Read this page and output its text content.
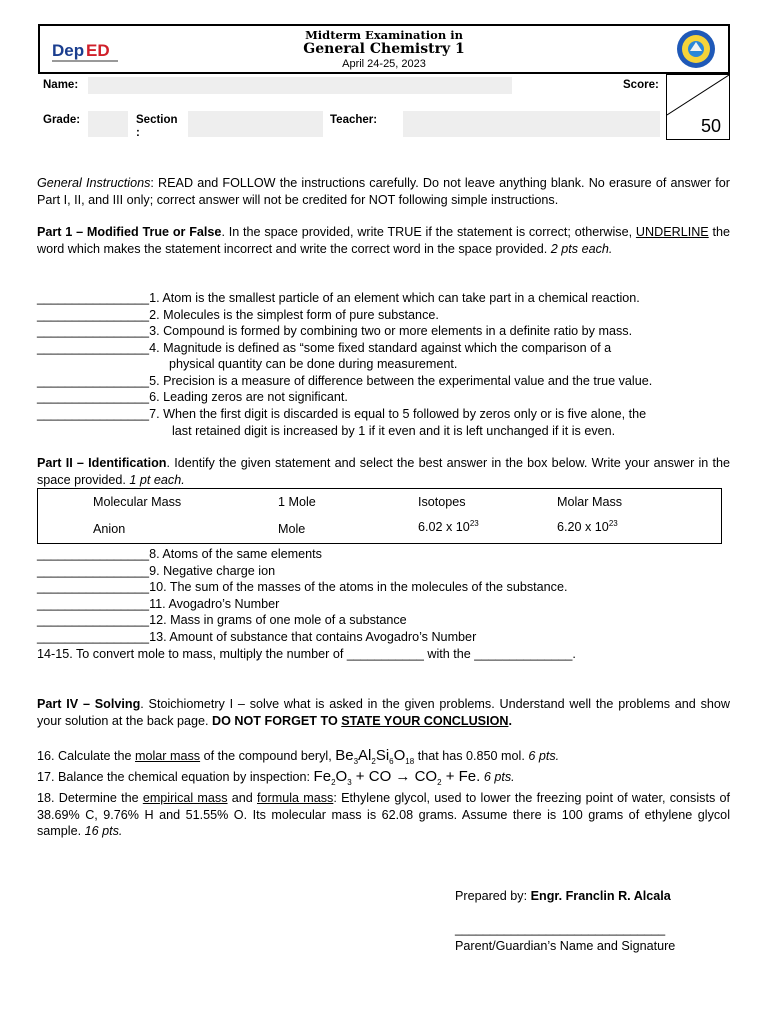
Dep ED
Midterm Examination in
General Chemistry 1
April 24-25, 2023
Name:	Score:
50
Grade:	Section :
Teacher:
General Instructions: READ and FOLLOW the instructions carefully. Do not leave anything blank. No erasure of answer for Part I, II, and III only; correct answer will not be credited for NOT following simple instructions.
Part 1 – Modified True or False. In the space provided, write TRUE if the statement is correct; otherwise, UNDERLINE the word which makes the statement incorrect and write the correct word in the space provided. 2 pts each.
________________1. Atom is the smallest particle of an element which can take part in a chemical reaction.
________________2. Molecules is the simplest form of pure substance.
________________3. Compound is formed by combining two or more elements in a definite ratio by mass.
________________4. Magnitude is defined as “some fixed standard against which the comparison of a
physical quantity can be done during measurement.
________________5. Precision is a measure of difference between the experimental value and the true value.
________________6. Leading zeros are not significant.
________________7. When the first digit is discarded is equal to 5 followed by zeros only or is five alone, the
last retained digit is increased by 1 if it even and it is left unchanged if it is even.
Part II – Identification. Identify the given statement and select the best answer in the box below. Write your answer in the space provided. 1 pt each.
Molecular Mass	1 Mole	Isotopes	Molar Mass
Anion	Mole	6.02 x $10^{23}$	6.20 x $10^{23}$
________________8. Atoms of the same elements
________________9. Negative charge ion
________________10. The sum of the masses of the atoms in the molecules of the substance.
________________11. Avogadro’s Number
________________12. Mass in grams of one mole of a substance
________________13. Amount of substance that contains Avogadro’s Number
14-15. To convert mole to mass, multiply the number of ___________ with the ______________.
Part IV – Solving. Stoichiometry I – solve what is asked in the given problems. Understand well the problems and show your solution at the back page. DO NOT FORGET TO STATE YOUR CONCLUSION.
16. Calculate the molar mass of the compound beryl, $Be_3Al_2Si_6O_{18}$ that has 0.850 mol. 6 pts.
17. Balance the chemical equation by inspection: $Fe_2O_3$ + CO → $CO_2 + Fe$. 6 pts.
18. Determine the empirical mass and formula mass: Ethylene glycol, used to lower the freezing point of water, consists of 38.69% C, 9.76% H and 51.55% O. Its molecular mass is 62.08 grams. Assume there is 100 grams of ethylene glycol sample. 16 pts.
Prepared by: Engr. Franclin R. Alcala
______________________________
Parent/Guardian’s Name and Signature
